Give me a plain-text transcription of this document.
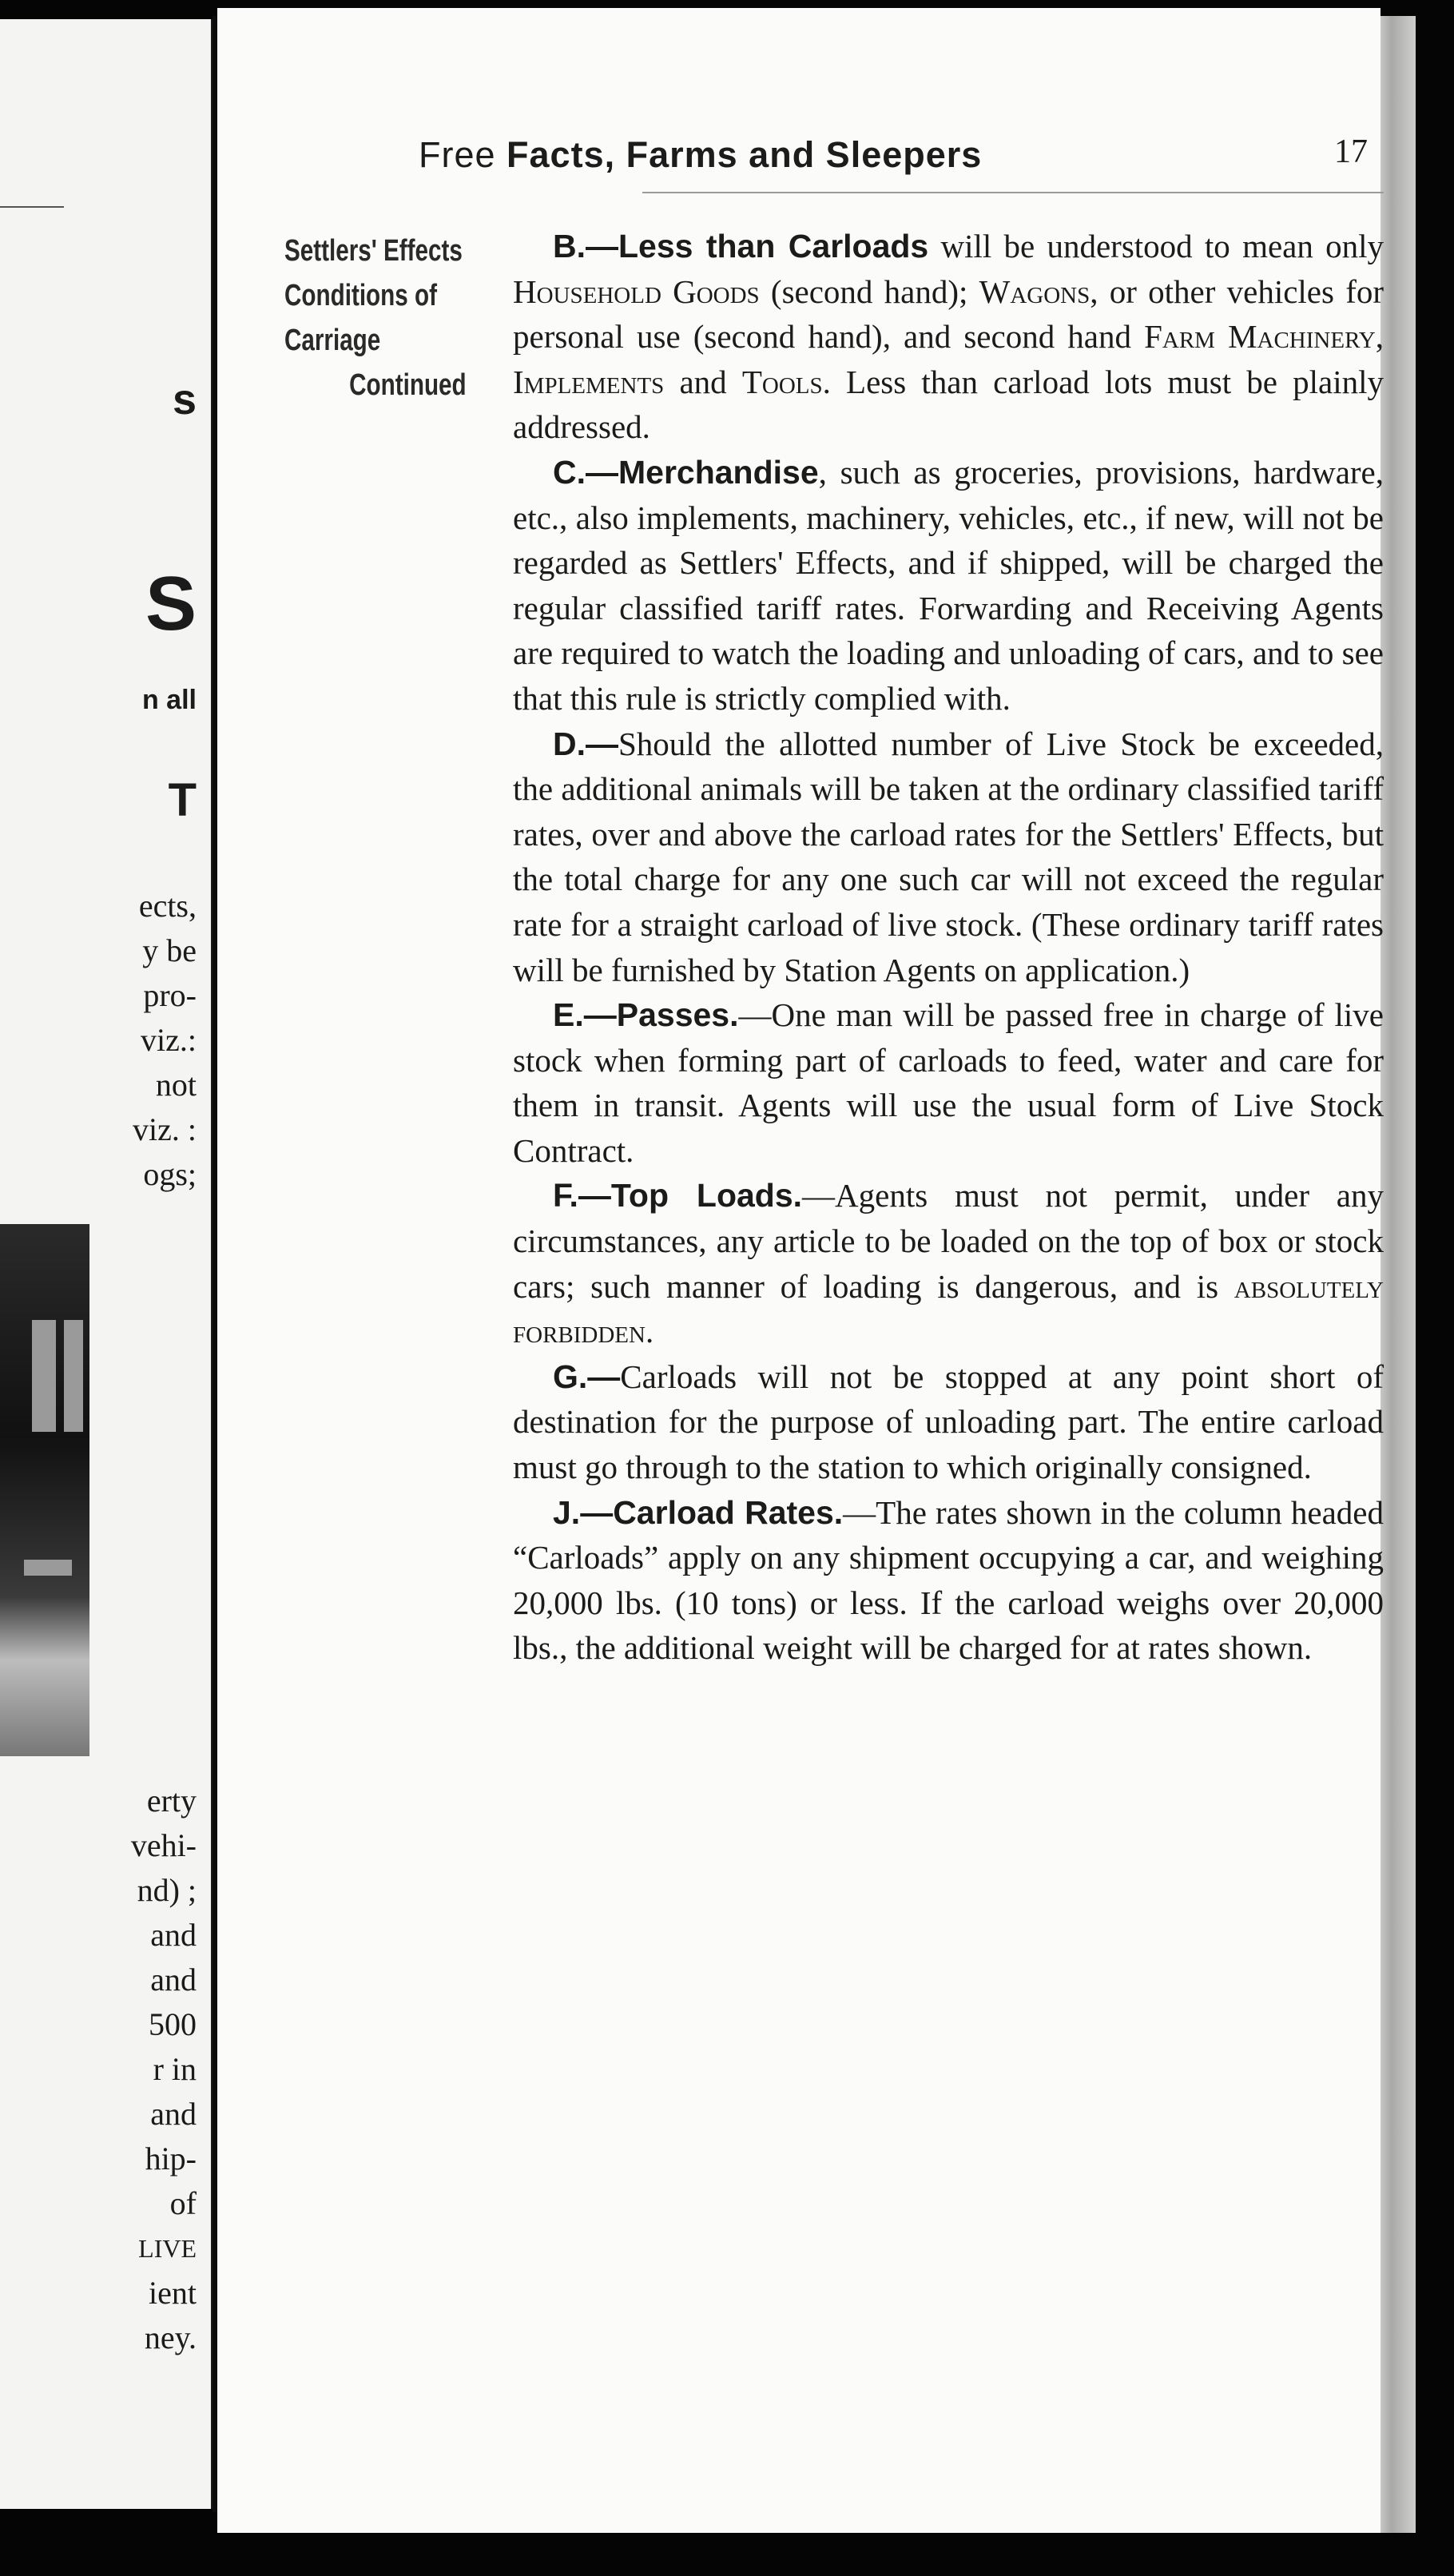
s
S
n all
T
ects,
y be
pro-
viz.:
not
viz. :
ogs;
erty
vehi-
nd) ;
and
and
500
r in
and
hip-
of
LIVE
ient
ney.
Free Facts, Farms and Sleepers	17
Settlers' Effects
Conditions of
Carriage
Continued

B.—Less than Carloads will be understood to mean only Household Goods (second hand); Wagons, or other vehicles for personal use (second hand), and second hand Farm Machinery, Implements and Tools. Less than carload lots must be plainly addressed.

C.—Merchandise, such as groceries, provisions, hardware, etc., also implements, machinery, vehicles, etc., if new, will not be regarded as Settlers' Effects, and if shipped, will be charged the regular classified tariff rates. Forwarding and Receiving Agents are required to watch the loading and unloading of cars, and to see that this rule is strictly complied with.

D.—Should the allotted number of Live Stock be exceeded, the additional animals will be taken at the ordinary classified tariff rates, over and above the carload rates for the Settlers' Effects, but the total charge for any one such car will not exceed the regular rate for a straight carload of live stock. (These ordinary tariff rates will be furnished by Station Agents on application.)

E.—Passes.—One man will be passed free in charge of live stock when forming part of carloads to feed, water and care for them in transit. Agents will use the usual form of Live Stock Contract.

F.—Top Loads.—Agents must not permit, under any circumstances, any article to be loaded on the top of box or stock cars; such manner of loading is dangerous, and is absolutely forbidden.

G.—Carloads will not be stopped at any point short of destination for the purpose of unloading part. The entire carload must go through to the station to which originally consigned.

J.—Carload Rates.—The rates shown in the column headed “Carloads” apply on any shipment occupying a car, and weighing 20,000 lbs. (10 tons) or less. If the carload weighs over 20,000 lbs., the additional weight will be charged for at rates shown.
